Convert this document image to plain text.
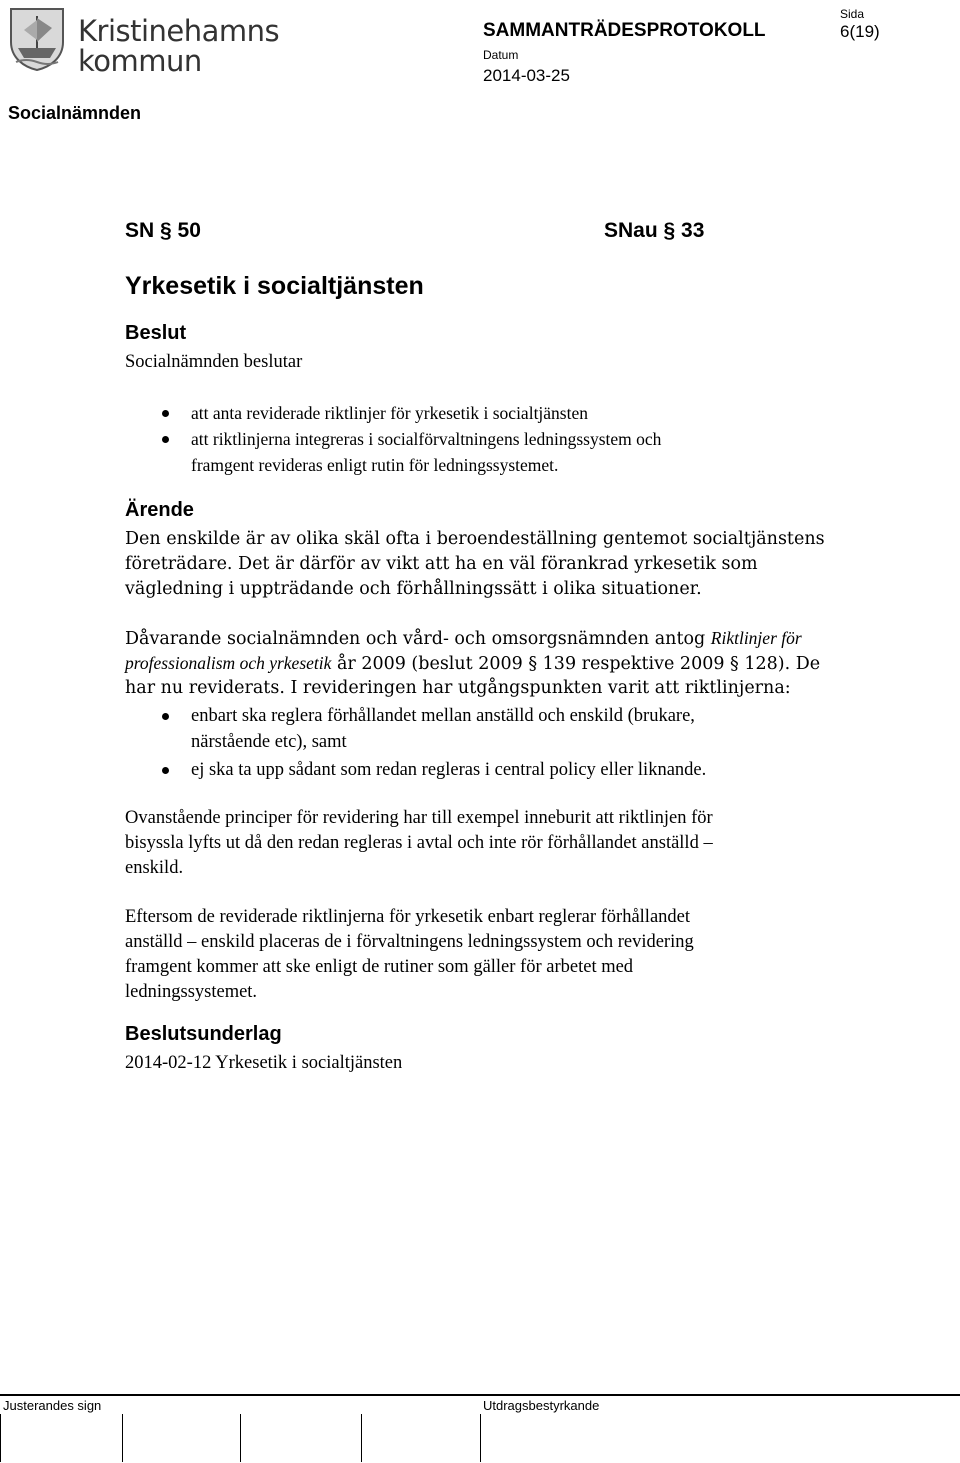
Kristinehamns
kommun
SAMMANTRÄDESPROTOKOLL
Datum
2014-03-25
Sida
6(19)
Socialnämnden
SN § 50	SNau § 33
Yrkesetik i socialtjänsten
Beslut
Socialnämnden beslutar
att anta reviderade riktlinjer för yrkesetik i socialtjänsten
att riktlinjerna integreras i socialförvaltningens ledningssystem och
framgent revideras enligt rutin för ledningssystemet.
Ärende
Den enskilde är av olika skäl ofta i beroendeställning gentemot socialtjänstens
företrädare. Det är därför av vikt att ha en väl förankrad yrkesetik som
vägledning i uppträdande och förhållningssätt i olika situationer.
Dåvarande socialnämnden och vård- och omsorgsnämnden antog Riktlinjer för
professionalism och yrkesetik år 2009 (beslut 2009 § 139 respektive 2009 § 128). De
har nu reviderats. I revideringen har utgångspunkten varit att riktlinjerna:
enbart ska reglera förhållandet mellan anställd och enskild (brukare,
närstående etc), samt
ej ska ta upp sådant som redan regleras i central policy eller liknande.
Ovanstående principer för revidering har till exempel inneburit att riktlinjen för
bisyssla lyfts ut då den redan regleras i avtal och inte rör förhållandet anställd –
enskild.
Eftersom de reviderade riktlinjerna för yrkesetik enbart reglerar förhållandet
anställd – enskild placeras de i förvaltningens ledningssystem och revidering
framgent kommer att ske enligt de rutiner som gäller för arbetet med
ledningssystemet.
Beslutsunderlag
2014-02-12 Yrkesetik i socialtjänsten
Justerandes sign	Utdragsbestyrkande
